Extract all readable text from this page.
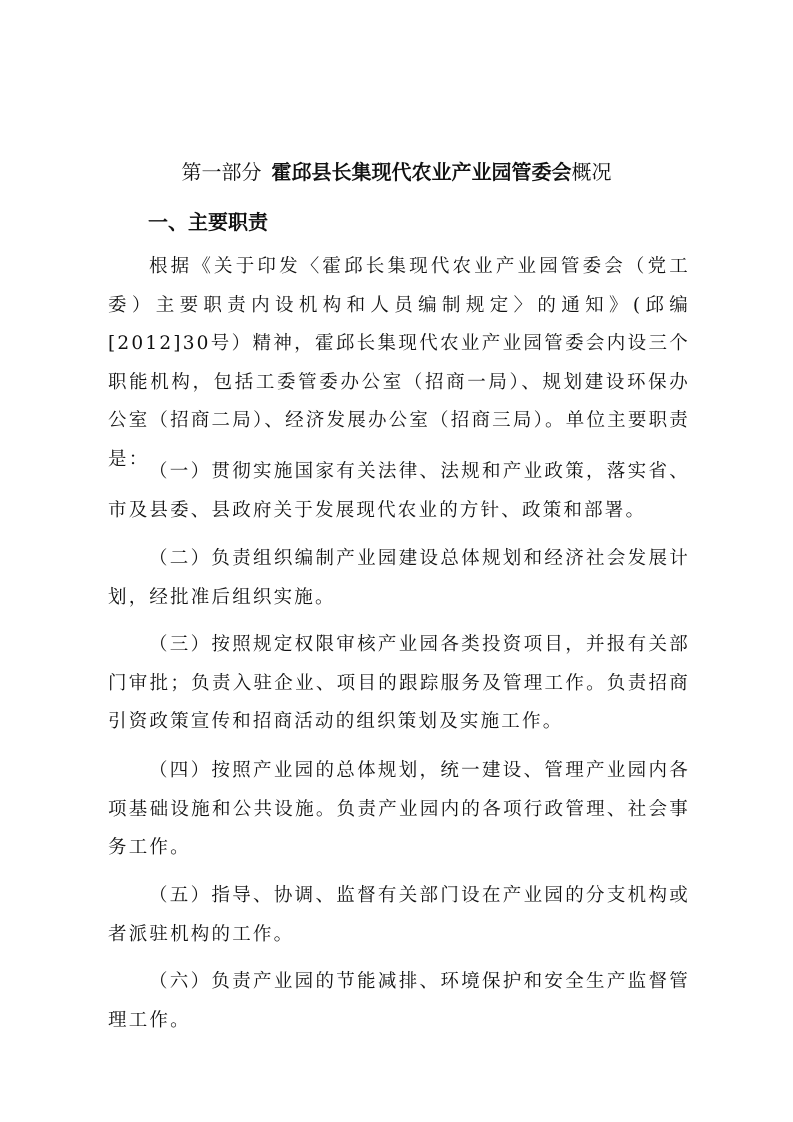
第一部分 霍邱县长集现代农业产业园管委会概况
一、主要职责

根据《关于印发〈霍邱长集现代农业产业园管委会（党工委）主要职责内设机构和人员编制规定〉的通知》(邱编[2012]30号）精神，霍邱长集现代农业产业园管委会内设三个职能机构，包括工委管委办公室（招商一局）、规划建设环保办公室（招商二局）、经济发展办公室（招商三局）。单位主要职责是：

（一）贯彻实施国家有关法律、法规和产业政策，落实省、市及县委、县政府关于发展现代农业的方针、政策和部署。

（二）负责组织编制产业园建设总体规划和经济社会发展计划，经批准后组织实施。

（三）按照规定权限审核产业园各类投资项目，并报有关部门审批；负责入驻企业、项目的跟踪服务及管理工作。负责招商引资政策宣传和招商活动的组织策划及实施工作。

（四）按照产业园的总体规划，统一建设、管理产业园内各项基础设施和公共设施。负责产业园内的各项行政管理、社会事务工作。

（五）指导、协调、监督有关部门设在产业园的分支机构或者派驻机构的工作。

（六）负责产业园的节能减排、环境保护和安全生产监督管理工作。
